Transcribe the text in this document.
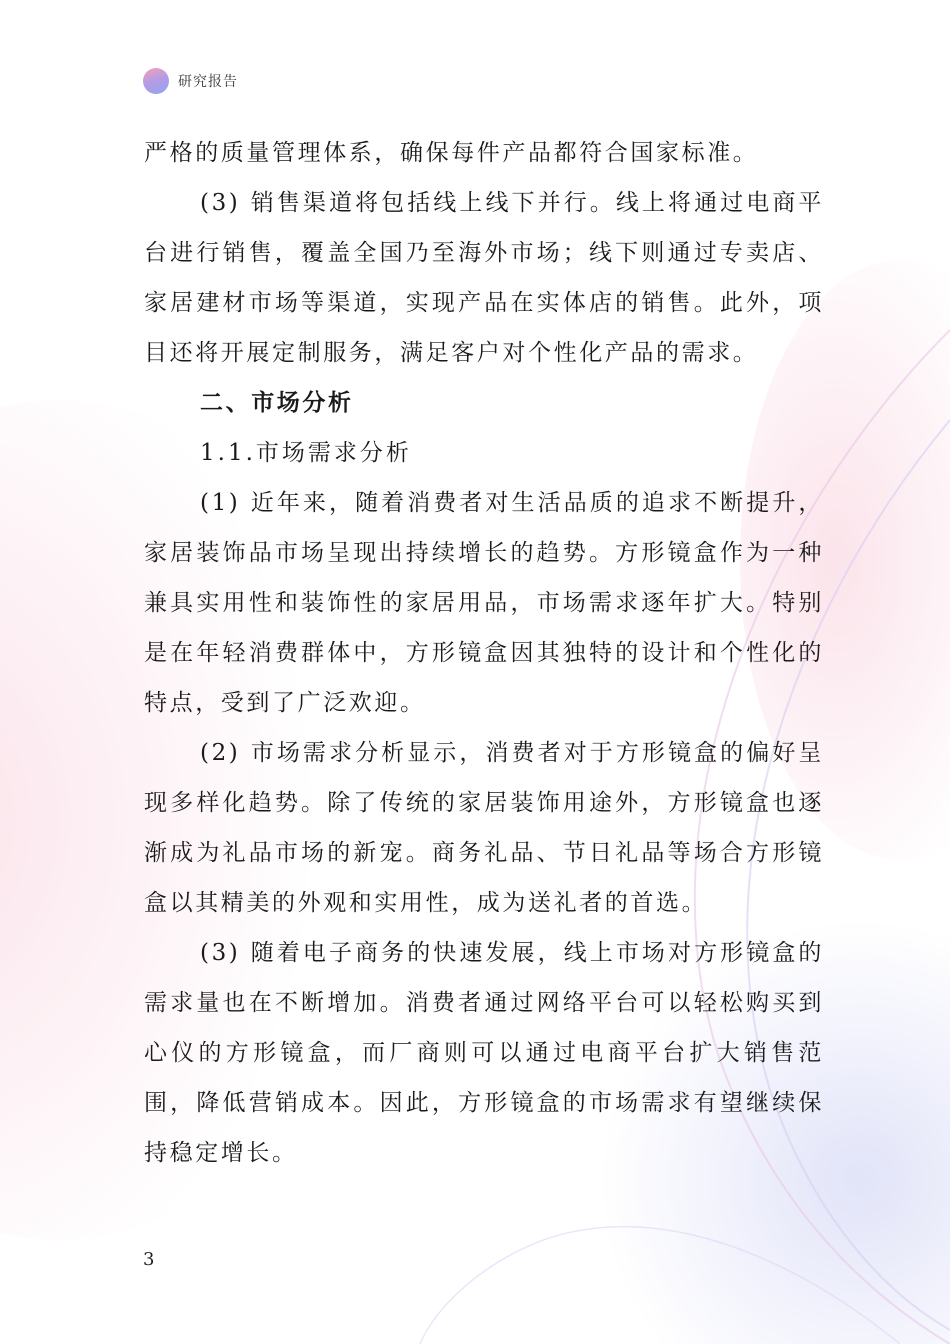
研究报告

严格的质量管理体系，确保每件产品都符合国家标准。

(3) 销售渠道将包括线上线下并行。线上将通过电商平台进行销售，覆盖全国乃至海外市场；线下则通过专卖店、家居建材市场等渠道，实现产品在实体店的销售。此外，项目还将开展定制服务，满足客户对个性化产品的需求。

二、市场分析

1.1.市场需求分析

(1) 近年来，随着消费者对生活品质的追求不断提升，家居装饰品市场呈现出持续增长的趋势。方形镜盒作为一种兼具实用性和装饰性的家居用品，市场需求逐年扩大。特别是在年轻消费群体中，方形镜盒因其独特的设计和个性化的特点，受到了广泛欢迎。

(2) 市场需求分析显示，消费者对于方形镜盒的偏好呈现多样化趋势。除了传统的家居装饰用途外，方形镜盒也逐渐成为礼品市场的新宠。商务礼品、节日礼品等场合方形镜盒以其精美的外观和实用性，成为送礼者的首选。

(3) 随着电子商务的快速发展，线上市场对方形镜盒的需求量也在不断增加。消费者通过网络平台可以轻松购买到心仪的方形镜盒，而厂商则可以通过电商平台扩大销售范围，降低营销成本。因此，方形镜盒的市场需求有望继续保持稳定增长。

3
